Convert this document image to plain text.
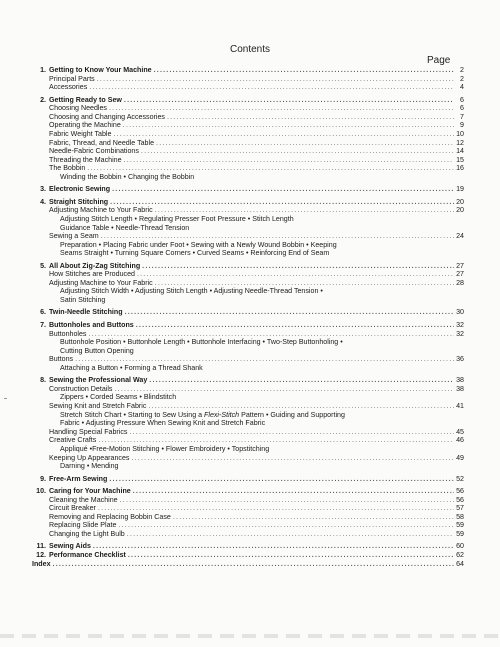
Contents
Page
1. Getting to Know Your Machine .....	2
Principal Parts .....	2
Accessories .....	4
2. Getting Ready to Sew .....	6
Choosing Needles .....	6
Choosing and Changing Accessories .....	7
Operating the Machine .....	9
Fabric Weight Table .....	10
Fabric, Thread, and Needle Table .....	12
Needle-Fabric Combinations .....	14
Threading the Machine .....	15
The Bobbin .....	16
Winding the Bobbin • Changing the Bobbin
3. Electronic Sewing .....	19
4. Straight Stitching .....	20
Adjusting Machine to Your Fabric .....	20
Adjusting Stitch Length • Regulating Presser Foot Pressure • Stitch Length
Guidance Table • Needle-Thread Tension
Sewing a Seam .....	24
Preparation • Placing Fabric under Foot • Sewing with a Newly Wound Bobbin • Keeping
Seams Straight • Turning Square Corners • Curved Seams • Reinforcing End of Seam
5. All About Zig-Zag Stitching .....	27
How Stitches are Produced .....	27
Adjusting Machine to Your Fabric .....	28
Adjusting Stitch Width • Adjusting Stitch Length • Adjusting Needle-Thread Tension •
Satin Stitching
6. Twin-Needle Stitching .....	30
7. Buttonholes and Buttons .....	32
Buttonholes .....	32
Buttonhole Position • Buttonhole Length • Buttonhole Interfacing • Two-Step Buttonholing •
Cutting Button Opening
Buttons .....	36
Attaching a Button • Forming a Thread Shank
8. Sewing the Professional Way .....	38
Construction Details .....	38
Zippers • Corded Seams • Blindstitch
Sewing Knit and Stretch Fabric .....	41
Stretch Stitch Chart • Starting to Sew Using a Flexi-Stitch Pattern • Guiding and Supporting
Fabric • Adjusting Pressure When Sewing Knit and Stretch Fabric
Handling Special Fabrics .....	45
Creative Crafts .....	46
Appliqué •Free-Motion Stitching • Flower Embroidery • Topstitching
Keeping Up Appearances .....	49
Darning • Mending
9. Free-Arm Sewing .....	52
10. Caring for Your Machine .....	56
Cleaning the Machine .....	56
Circuit Breaker .....	57
Removing and Replacing Bobbin Case .....	58
Replacing Slide Plate .....	59
Changing the Light Bulb .....	59
11. Sewing Aids .....	60
12. Performance Checklist .....	62
Index .....	64
